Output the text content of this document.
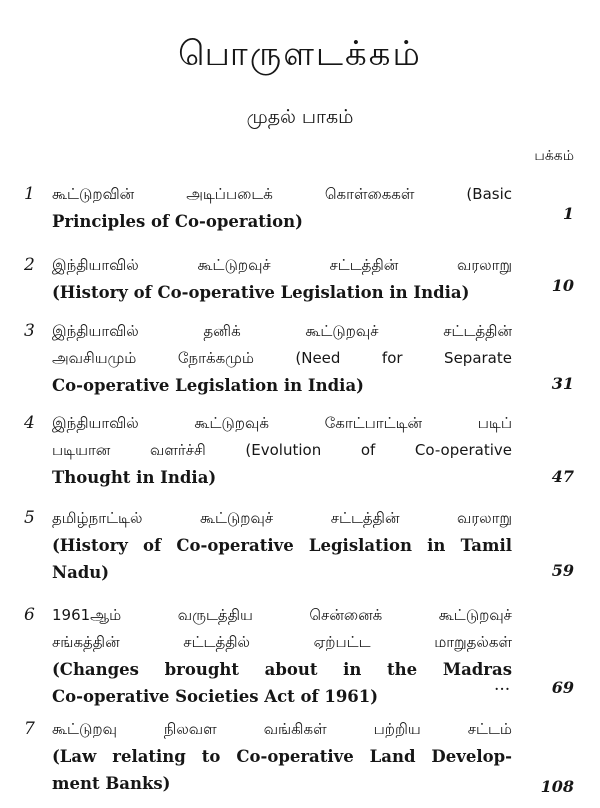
பொருளடக்கம்
முதல் பாகம்
பக்கம்
1 கூட்டுறவின் அடிப்படைக் கொள்கைகள் (Basic
Principles of Co-operation)	1
2 இந்தியாவில் கூட்டுறவுச் சட்டத்தின் வரலாறு
(History of Co-operative Legislation in India)	10
3 இந்தியாவில் தனிக் கூட்டுறவுச் சட்டத்தின்
அவசியமும் நோக்கமும் (Need for Separate
Co-operative Legislation in India)	31
4 இந்தியாவில் கூட்டுறவுக் கோட்பாட்டின் படிப்
படியான வளர்ச்சி (Evolution of Co-operative
Thought in India)	47
5 தமிழ்நாட்டில் கூட்டுறவுச் சட்டத்தின் வரலாறு
(History of Co-operative Legislation in Tamil
Nadu)	59
6 1961ஆம் வருடத்திய சென்னைக் கூட்டுறவுச்
சங்கத்தின் சட்டத்தில் ஏற்பட்ட மாறுதல்கள்
(Changes brought about in the Madras
Co-operative Societies Act of 1961)
...	69
7 கூட்டுறவு நிலவள வங்கிகள் பற்றிய சட்டம்
(Law relating to Co-operative Land Develop-
ment Banks)	108
